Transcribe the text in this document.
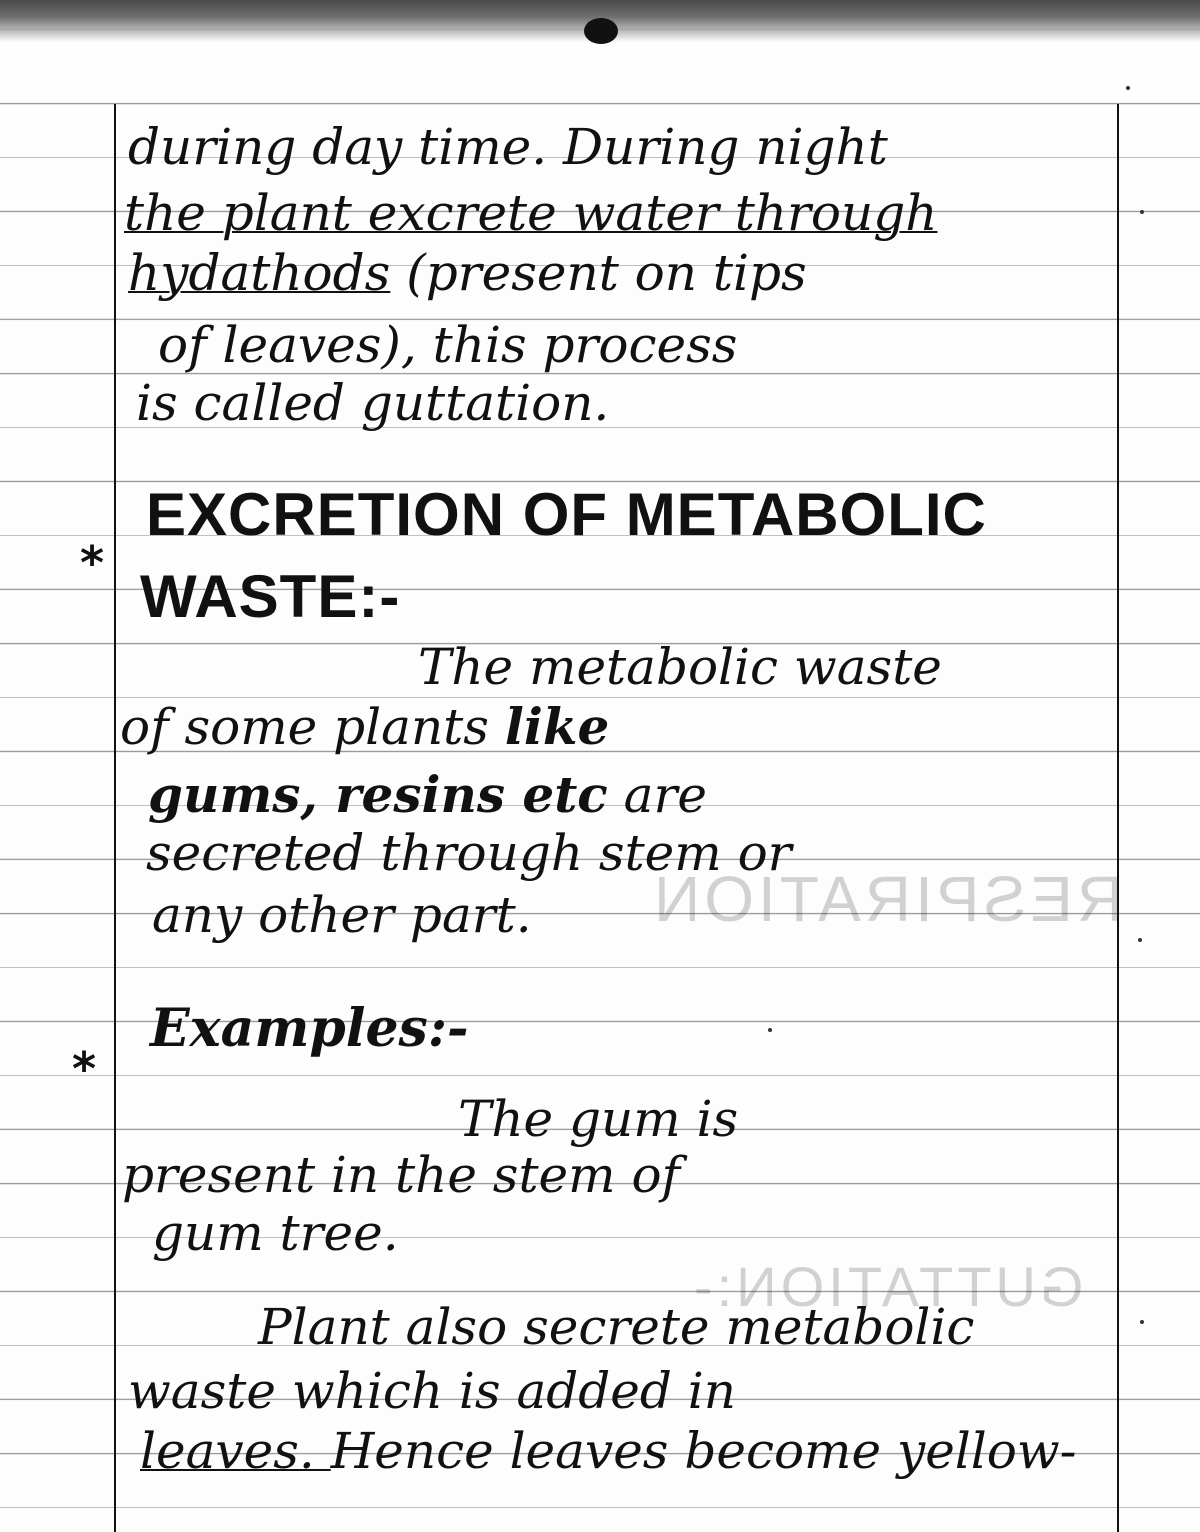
RESPIRATION
GUTTATION:-
during day time. During night
the plant excrete water through
hydathods (present on tips
of leaves), this process
is called guttation.
*
EXCRETION OF METABOLIC
WASTE:-
The metabolic waste
of some plants like
gums, resins etc are
secreted through stem or
any other part.
*
Examples:-
The gum is
present in the stem of
gum tree.
Plant also secrete metabolic
waste which is added in
leaves. Hence leaves become yellow-
